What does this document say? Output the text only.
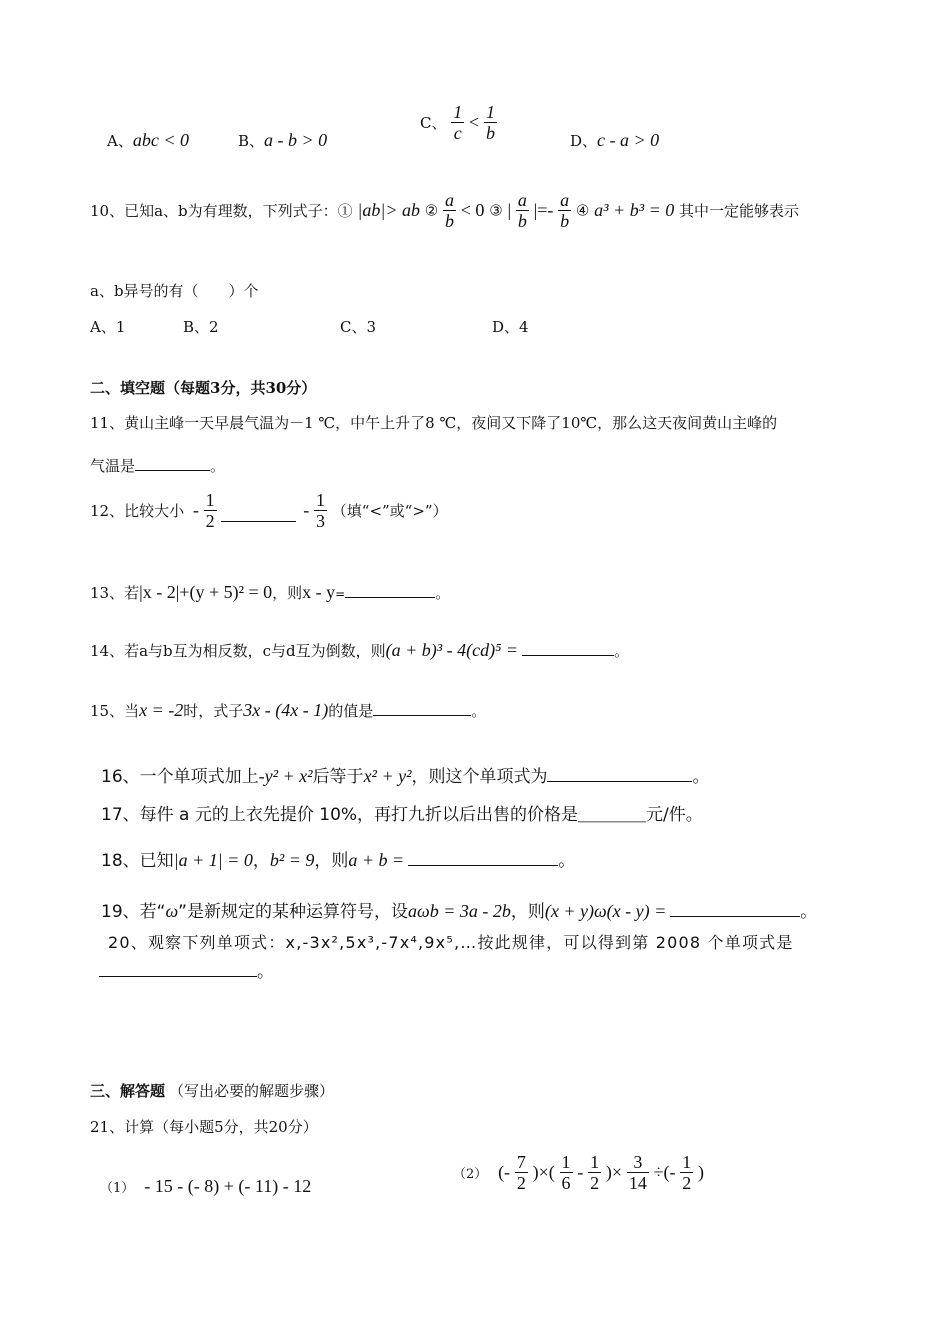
A、abc < 0	B、a - b > 0
C、 $\frac{1}{c} < \frac{1}{b}$	D、c - a > 0
10、已知a、b为有理数，下列式子：① |ab|> ab ② $\frac{a}{b} < 0$ ③ | $\frac{a}{b}$ |=- $\frac{a}{b}$ ④ a³ + b³ = 0 其中一定能够表示
a、b异号的有（　　）个
A、1	B、2	C、3	D、4
二、填空题（每题3分，共30分）
11、黄山主峰一天早晨气温为－1 ℃，中午上升了8 ℃，夜间又下降了10℃，那么这天夜间黄山主峰的
气温是	。
12、比较大小 - $\frac{1}{2}$	- $\frac{1}{3}$ （填“<”或“>”）
13、若|x - 2|+(y + 5)² = 0，则x - y=	。
14、若a与b互为相反数，c与d互为倒数，则(a + b)³ - 4(cd)⁵ =	。
15、当x = -2时，式子3x - (4x - 1)的值是	。
16、一个单项式加上-y² + x²后等于x² + y²，则这个单项式为	。
17、每件 a 元的上衣先提价 10%，再打九折以后出售的价格是＿＿＿＿元/件。
18、已知|a + 1| = 0，b² = 9，则a + b =	。
19、若“ω”是新规定的某种运算符号，设aωb = 3a - 2b，则(x + y)ω(x - y) =	。
20、观察下列单项式：x,-3x²,5x³,-7x⁴,9x⁵,…按此规律，可以得到第 2008 个单项式是
。
三、解答题 （写出必要的解题步骤）
21、计算（每小题5分，共20分）
（1） - 15 - (- 8) + (- 11) - 12
（2） (- $\frac{7}{2}$ )×( $\frac{1}{6} - \frac{1}{2}$ )× $\frac{3}{14}$ ÷(- $\frac{1}{2}$ )
